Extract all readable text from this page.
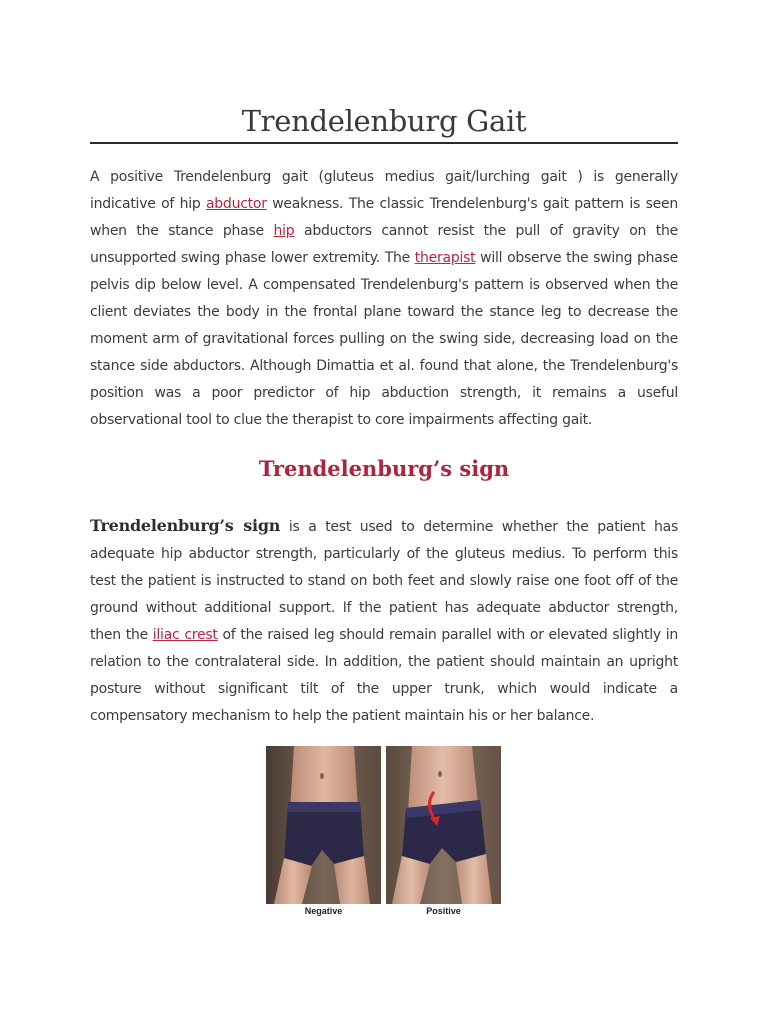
Trendelenburg Gait

A positive Trendelenburg gait (gluteus medius gait/lurching gait ) is generally indicative of hip abductor weakness. The classic Trendelenburg's gait pattern is seen when the stance phase hip abductors cannot resist the pull of gravity on the unsupported swing phase lower extremity. The therapist will observe the swing phase pelvis dip below level. A compensated Trendelenburg's pattern is observed when the client deviates the body in the frontal plane toward the stance leg to decrease the moment arm of gravitational forces pulling on the swing side, decreasing load on the stance side abductors. Although Dimattia et al. found that alone, the Trendelenburg's position was a poor predictor of hip abduction strength, it remains a useful observational tool to clue the therapist to core impairments affecting gait.

Trendelenburg’s sign

Trendelenburg’s sign is a test used to determine whether the patient has adequate hip abductor strength, particularly of the gluteus medius. To perform this test the patient is instructed to stand on both feet and slowly raise one foot off of the ground without additional support. If the patient has adequate abductor strength, then the iliac crest of the raised leg should remain parallel with or elevated slightly in relation to the contralateral side. In addition, the patient should maintain an upright posture without significant tilt of the upper trunk, which would indicate a compensatory mechanism to help the patient maintain his or her balance.

Negative	Positive
